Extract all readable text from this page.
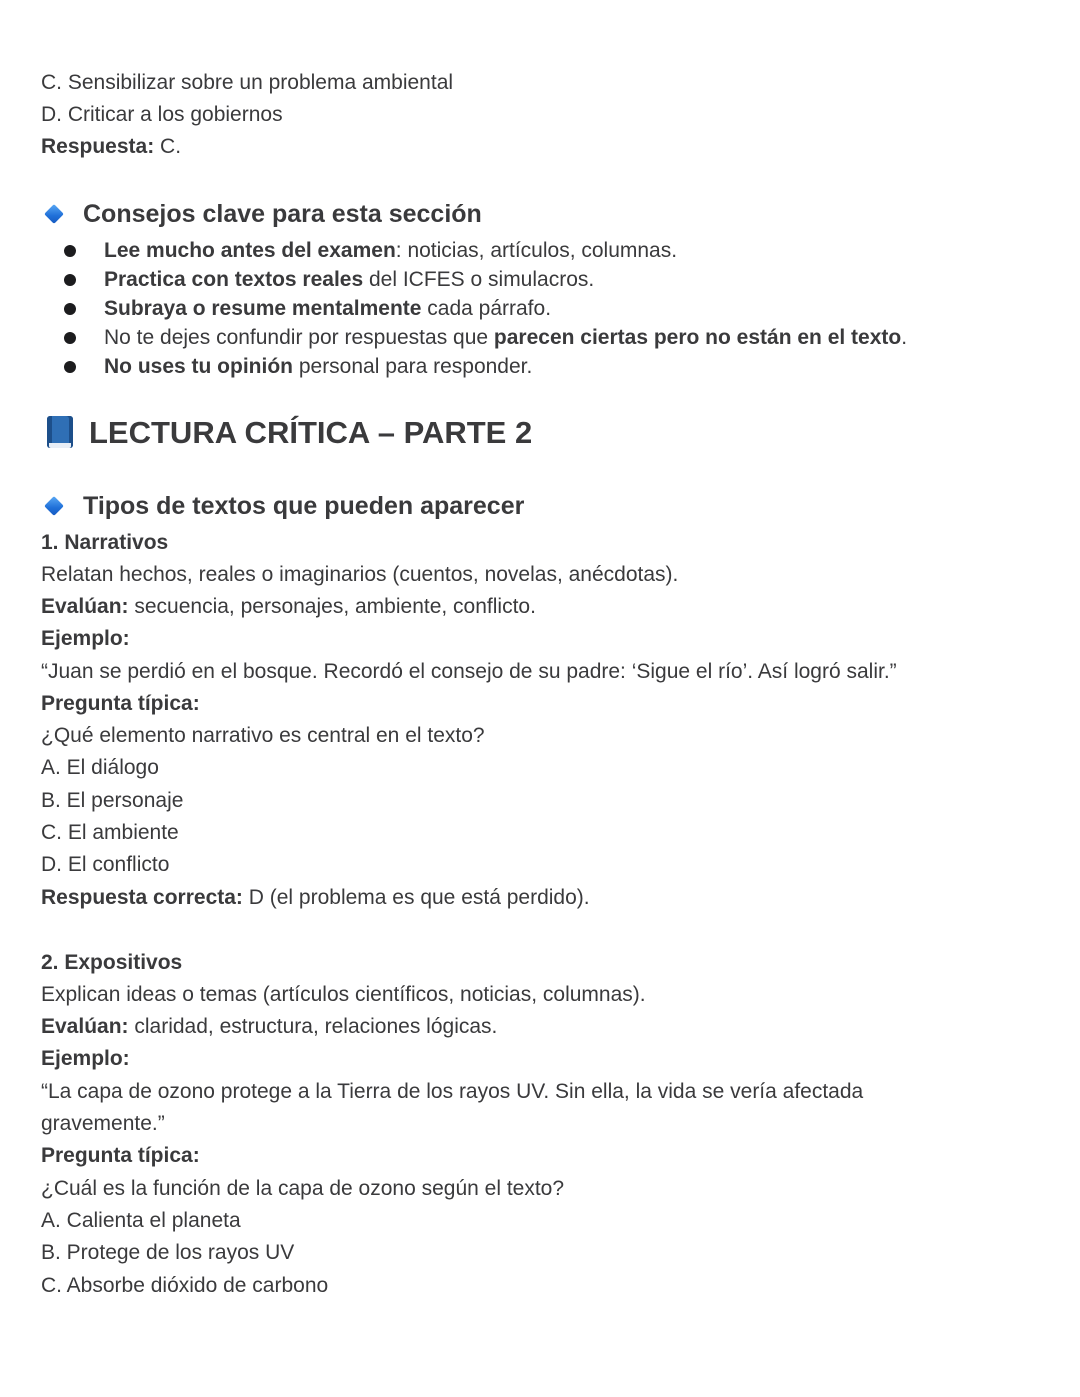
C. Sensibilizar sobre un problema ambiental
D. Criticar a los gobiernos
Respuesta: C.
Consejos clave para esta sección
Lee mucho antes del examen: noticias, artículos, columnas.
Practica con textos reales del ICFES o simulacros.
Subraya o resume mentalmente cada párrafo.
No te dejes confundir por respuestas que parecen ciertas pero no están en el texto.
No uses tu opinión personal para responder.
LECTURA CRÍTICA – PARTE 2
Tipos de textos que pueden aparecer
1. Narrativos
Relatan hechos, reales o imaginarios (cuentos, novelas, anécdotas).
Evalúan: secuencia, personajes, ambiente, conflicto.
Ejemplo:
“Juan se perdió en el bosque. Recordó el consejo de su padre: ‘Sigue el río’. Así logró salir.”
Pregunta típica:
¿Qué elemento narrativo es central en el texto?
A. El diálogo
B. El personaje
C. El ambiente
D. El conflicto
Respuesta correcta: D (el problema es que está perdido).
2. Expositivos
Explican ideas o temas (artículos científicos, noticias, columnas).
Evalúan: claridad, estructura, relaciones lógicas.
Ejemplo:
“La capa de ozono protege a la Tierra de los rayos UV. Sin ella, la vida se vería afectada
gravemente.”
Pregunta típica:
¿Cuál es la función de la capa de ozono según el texto?
A. Calienta el planeta
B. Protege de los rayos UV
C. Absorbe dióxido de carbono
